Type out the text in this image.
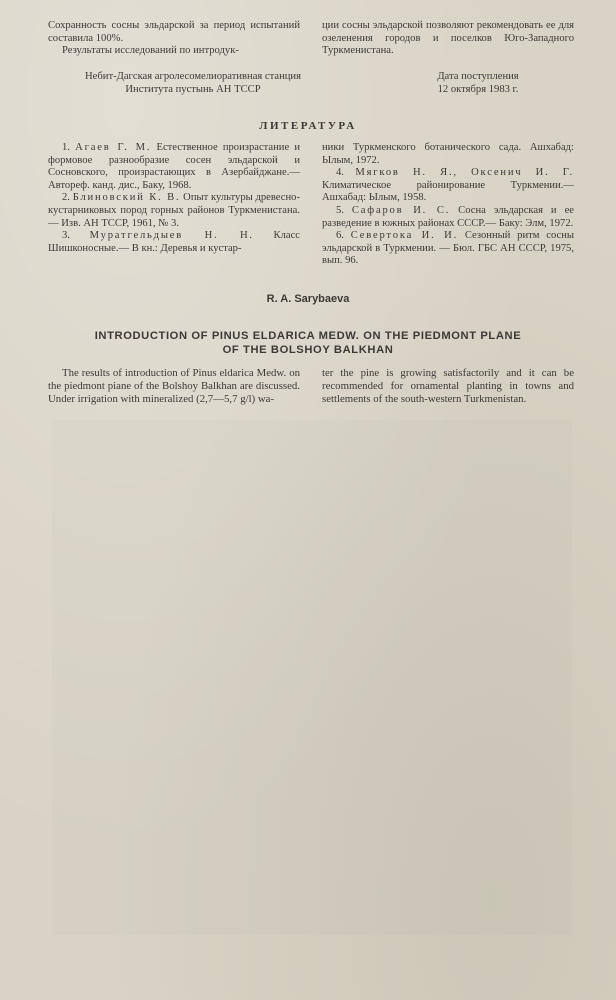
Сохранность сосны эльдарской за период испытаний составила 100%.

Результаты исследований по интродук-

ции сосны эльдарской позволяют рекомендовать ее для озеленения городов и поселков Юго-Западного Туркменистана.

Небит-Дагская агролесомелиоративная станция
Института пустынь АН ТССР
Дата поступления
12 октября 1983 г.
ЛИТЕРАТУРА

1. Агаев Г. М. Естественное произрастание и формовое разнообразие сосен эльдарской и Сосновского, произрастающих в Азербайджане.— Автореф. канд. дис., Баку, 1968.

2. Блиновский К. В. Опыт культуры древесно-кустарниковых пород горных районов Туркменистана.— Изв. АН ТССР, 1961, № 3.

3. Муратгельдыев Н. Н. Класс Шишконосные.— В кн.: Деревья и кустар-

ники Туркменского ботанического сада. Ашхабад: Ылым, 1972.

4. Мягков Н. Я., Оксенич И. Г. Климатическое районирование Туркмении.— Ашхабад: Ылым, 1958.

5. Сафаров И. С. Сосна эльдарская и ее разведение в южных районах СССР.— Баку: Элм, 1972.

6. Севертока И. И. Сезонный ритм сосны эльдарской в Туркмении. — Бюл. ГБС АН СССР, 1975, вып. 96.

R. A. Sarybaeva
INTRODUCTION OF PINUS ELDARICA MEDW. ON THE PIEDMONT PLANE
OF THE BOLSHOY BALKHAN

The results of introduction of Pinus eldarica Medw. on the piedmont piane of the Bolshoy Balkhan are discussed. Under irrigation with mineralized (2,7—5,7 g/l) wa-

ter the pine is growing satisfactorily and it can be recommended for ornamental planting in towns and settlements of the south-western Turkmenistan.
